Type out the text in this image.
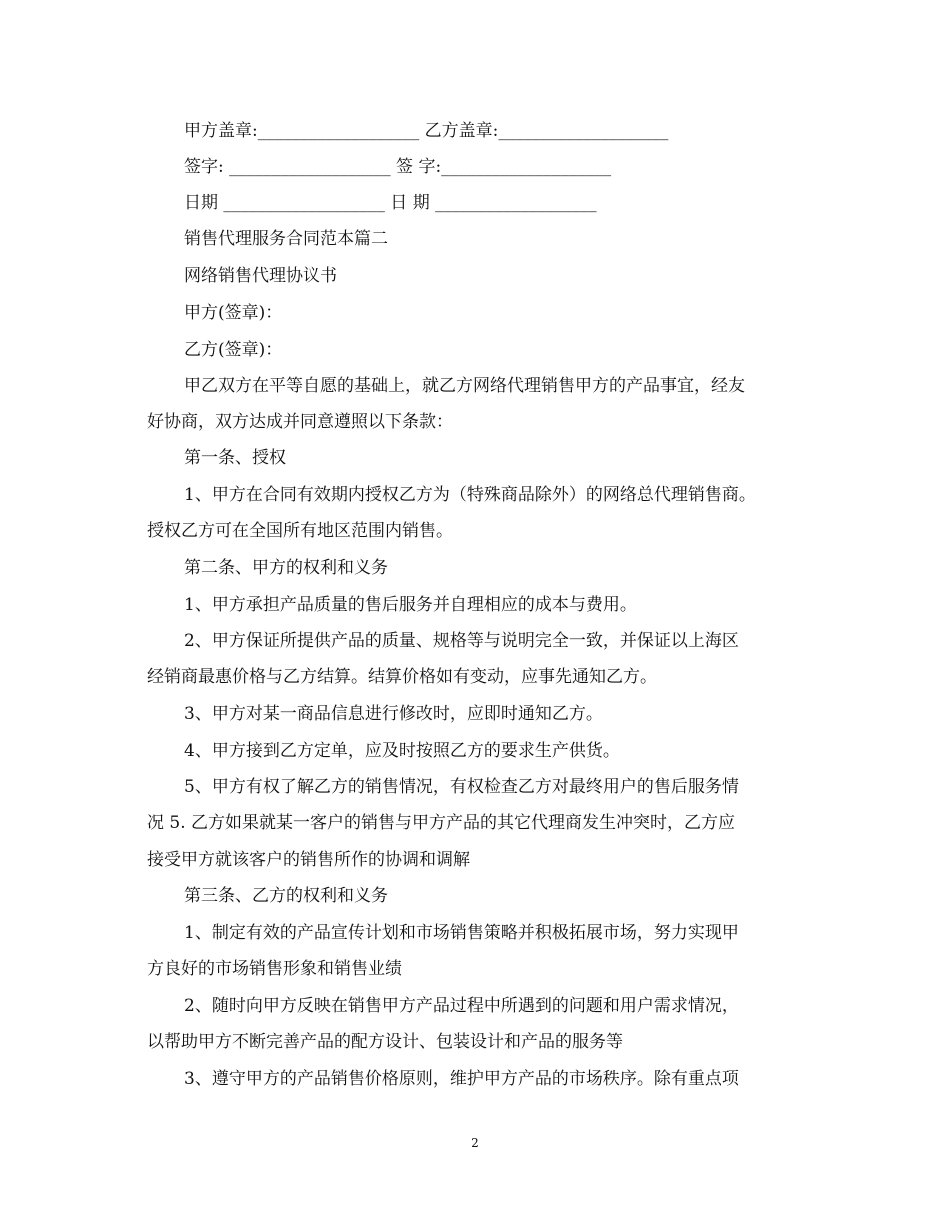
甲方盖章:___________________ 乙方盖章:____________________
签字: ___________________ 签 字:____________________
日期 ___________________ 日 期 ___________________
销售代理服务合同范本篇二
网络销售代理协议书
甲方(签章)：
乙方(签章)：
甲乙双方在平等自愿的基础上，就乙方网络代理销售甲方的产品事宜，经友
好协商，双方达成并同意遵照以下条款：
第一条、授权
1、甲方在合同有效期内授权乙方为（特殊商品除外）的网络总代理销售商。
授权乙方可在全国所有地区范围内销售。
第二条、甲方的权利和义务
1、甲方承担产品质量的售后服务并自理相应的成本与费用。
2、甲方保证所提供产品的质量、规格等与说明完全一致，并保证以上海区
经销商最惠价格与乙方结算。结算价格如有变动，应事先通知乙方。
3、甲方对某一商品信息进行修改时，应即时通知乙方。
4、甲方接到乙方定单，应及时按照乙方的要求生产供货。
5、甲方有权了解乙方的销售情况，有权检查乙方对最终用户的售后服务情
况 5. 乙方如果就某一客户的销售与甲方产品的其它代理商发生冲突时，乙方应
接受甲方就该客户的销售所作的协调和调解
第三条、乙方的权利和义务
1、制定有效的产品宣传计划和市场销售策略并积极拓展市场，努力实现甲
方良好的市场销售形象和销售业绩
2、随时向甲方反映在销售甲方产品过程中所遇到的问题和用户需求情况，
以帮助甲方不断完善产品的配方设计、包装设计和产品的服务等
3、遵守甲方的产品销售价格原则，维护甲方产品的市场秩序。除有重点项
2
